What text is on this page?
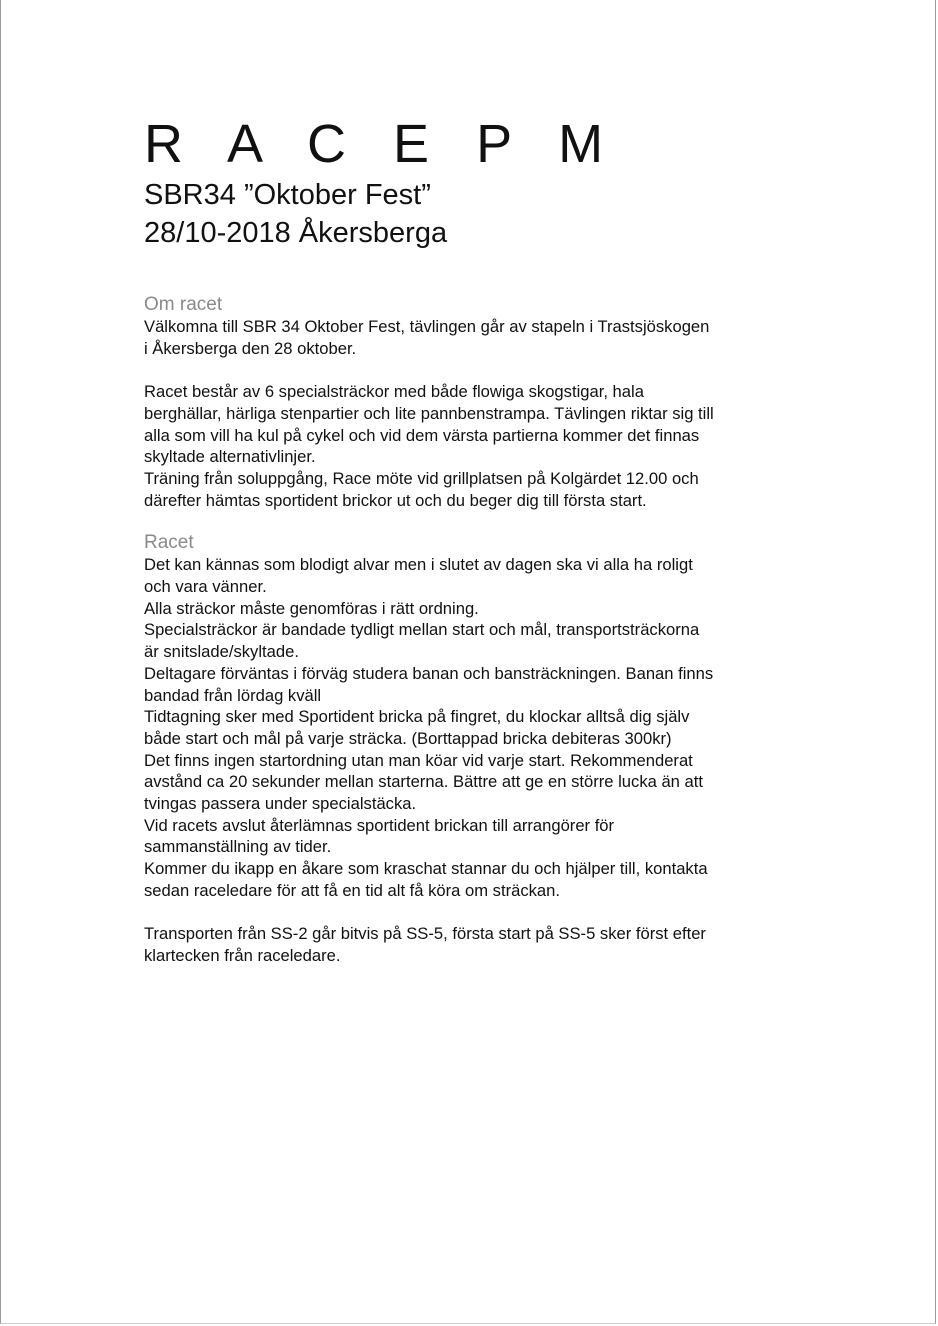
R A C E P M
SBR34 ”Oktober Fest”
28/10-2018 Åkersberga
Om racet
Välkomna till SBR 34 Oktober Fest, tävlingen går av stapeln i Trastsjöskogen
i Åkersberga den 28 oktober.
Racet består av 6 specialsträckor med både flowiga skogstigar, hala
berghällar, härliga stenpartier och lite pannbenstrampa. Tävlingen riktar sig till
alla som vill ha kul på cykel och vid dem värsta partierna kommer det finnas
skyltade alternativlinjer.
Träning från soluppgång, Race möte vid grillplatsen på Kolgärdet 12.00 och
därefter hämtas sportident brickor ut och du beger dig till första start.
Racet
Det kan kännas som blodigt alvar men i slutet av dagen ska vi alla ha roligt
och vara vänner.
Alla sträckor måste genomföras i rätt ordning.
Specialsträckor är bandade tydligt mellan start och mål, transportsträckorna
är snitslade/skyltade.
Deltagare förväntas i förväg studera banan och bansträckningen. Banan finns
bandad från lördag kväll
Tidtagning sker med Sportident bricka på fingret, du klockar alltså dig själv
både start och mål på varje sträcka. (Borttappad bricka debiteras 300kr)
Det finns ingen startordning utan man köar vid varje start. Rekommenderat
avstånd ca 20 sekunder mellan starterna. Bättre att ge en större lucka än att
tvingas passera under specialstäcka.
Vid racets avslut återlämnas sportident brickan till arrangörer för
sammanställning av tider.
Kommer du ikapp en åkare som kraschat stannar du och hjälper till, kontakta
sedan raceledare för att få en tid alt få köra om sträckan.
Transporten från SS-2 går bitvis på SS-5, första start på SS-5 sker först efter
klartecken från raceledare.
